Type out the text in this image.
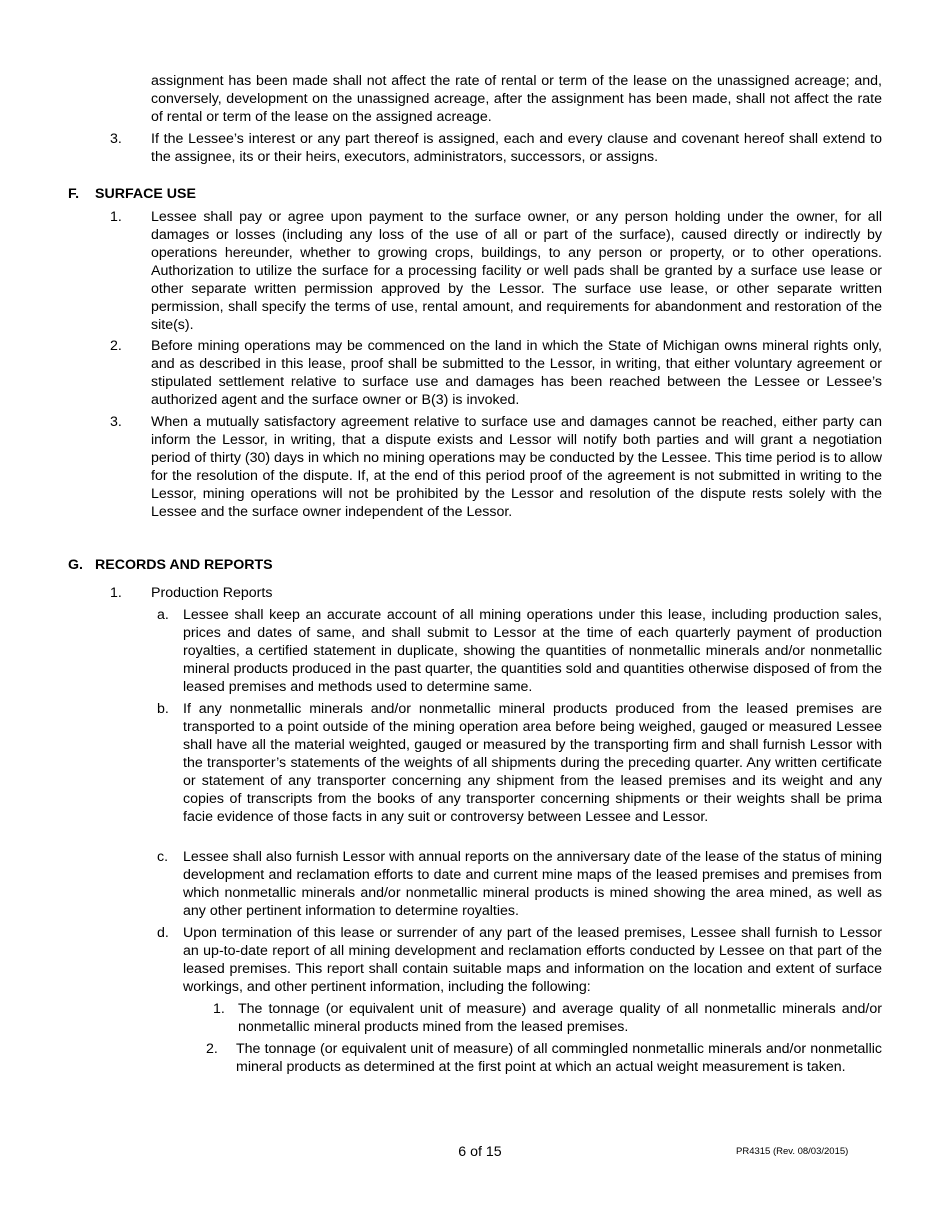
assignment has been made shall not affect the rate of rental or term of the lease on the unassigned acreage; and, conversely, development on the unassigned acreage, after the assignment has been made, shall not affect the rate of rental or term of the lease on the assigned acreage.

3. If the Lessee’s interest or any part thereof is assigned, each and every clause and covenant hereof shall extend to the assignee, its or their heirs, executors, administrators, successors, or assigns.

F. SURFACE USE
1. Lessee shall pay or agree upon payment to the surface owner, or any person holding under the owner, for all damages or losses (including any loss of the use of all or part of the surface), caused directly or indirectly by operations hereunder, whether to growing crops, buildings, to any person or property, or to other operations. Authorization to utilize the surface for a processing facility or well pads shall be granted by a surface use lease or other separate written permission approved by the Lessor. The surface use lease, or other separate written permission, shall specify the terms of use, rental amount, and requirements for abandonment and restoration of the site(s).

2. Before mining operations may be commenced on the land in which the State of Michigan owns mineral rights only, and as described in this lease, proof shall be submitted to the Lessor, in writing, that either voluntary agreement or stipulated settlement relative to surface use and damages has been reached between the Lessee or Lessee’s authorized agent and the surface owner or B(3) is invoked.

3. When a mutually satisfactory agreement relative to surface use and damages cannot be reached, either party can inform the Lessor, in writing, that a dispute exists and Lessor will notify both parties and will grant a negotiation period of thirty (30) days in which no mining operations may be conducted by the Lessee. This time period is to allow for the resolution of the dispute. If, at the end of this period proof of the agreement is not submitted in writing to the Lessor, mining operations will not be prohibited by the Lessor and resolution of the dispute rests solely with the Lessee and the surface owner independent of the Lessor.

G. RECORDS AND REPORTS
1. Production Reports

a. Lessee shall keep an accurate account of all mining operations under this lease, including production sales, prices and dates of same, and shall submit to Lessor at the time of each quarterly payment of production royalties, a certified statement in duplicate, showing the quantities of nonmetallic minerals and/or nonmetallic mineral products produced in the past quarter, the quantities sold and quantities otherwise disposed of from the leased premises and methods used to determine same.

b. If any nonmetallic minerals and/or nonmetallic mineral products produced from the leased premises are transported to a point outside of the mining operation area before being weighed, gauged or measured Lessee shall have all the material weighted, gauged or measured by the transporting firm and shall furnish Lessor with the transporter’s statements of the weights of all shipments during the preceding quarter. Any written certificate or statement of any transporter concerning any shipment from the leased premises and its weight and any copies of transcripts from the books of any transporter concerning shipments or their weights shall be prima facie evidence of those facts in any suit or controversy between Lessee and Lessor.

c. Lessee shall also furnish Lessor with annual reports on the anniversary date of the lease of the status of mining development and reclamation efforts to date and current mine maps of the leased premises and premises from which nonmetallic minerals and/or nonmetallic mineral products is mined showing the area mined, as well as any other pertinent information to determine royalties.

d. Upon termination of this lease or surrender of any part of the leased premises, Lessee shall furnish to Lessor an up-to-date report of all mining development and reclamation efforts conducted by Lessee on that part of the leased premises. This report shall contain suitable maps and information on the location and extent of surface workings, and other pertinent information, including the following:

1. The tonnage (or equivalent unit of measure) and average quality of all nonmetallic minerals and/or nonmetallic mineral products mined from the leased premises.

2. The tonnage (or equivalent unit of measure) of all commingled nonmetallic minerals and/or nonmetallic mineral products as determined at the first point at which an actual weight measurement is taken.

6 of 15	PR4315 (Rev. 08/03/2015)
